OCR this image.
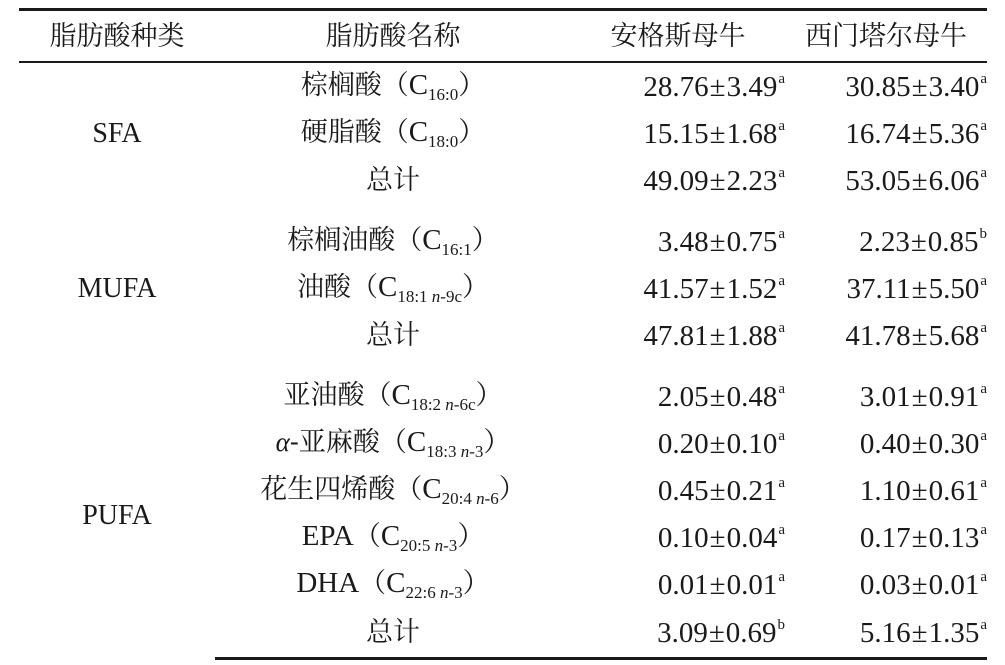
脂肪酸种类	脂肪酸名称	安格斯母牛	西门塔尔母牛
SFA	棕榈酸$(C_{16:0})$	28.76±3.49$^a$	30.85±3.40$^a$
	硬脂酸$(C_{18:0})$	15.15±1.68$^a$	16.74±5.36$^a$
	总计	49.09±2.23$^a$	53.05±6.06$^a$

MUFA	棕榈油酸$(C_{16:1})$	3.48±0.75$^a$	2.23±0.85$^b$
	油酸$(C_{18:1 n-9c})$	41.57±1.52$^a$	37.11±5.50$^a$
	总计	47.81±1.88$^a$	41.78±5.68$^a$

PUFA	亚油酸$(C_{18:2 n-6c})$	2.05±0.48$^a$	3.01±0.91$^a$
	α-亚麻酸$(C_{18:3 n-3})$	0.20±0.10$^a$	0.40±0.30$^a$
	花生四烯酸$(C_{20:4 n-6})$	0.45±0.21$^a$	1.10±0.61$^a$
	$EPA(C_{20:5 n-3})$	0.10±0.04$^a$	0.17±0.13$^a$
	$DHA(C_{22:6 n-3})$	0.01±0.01$^a$	0.03±0.01$^a$
	总计	3.09±0.69$^b$	5.16±1.35$^a$
